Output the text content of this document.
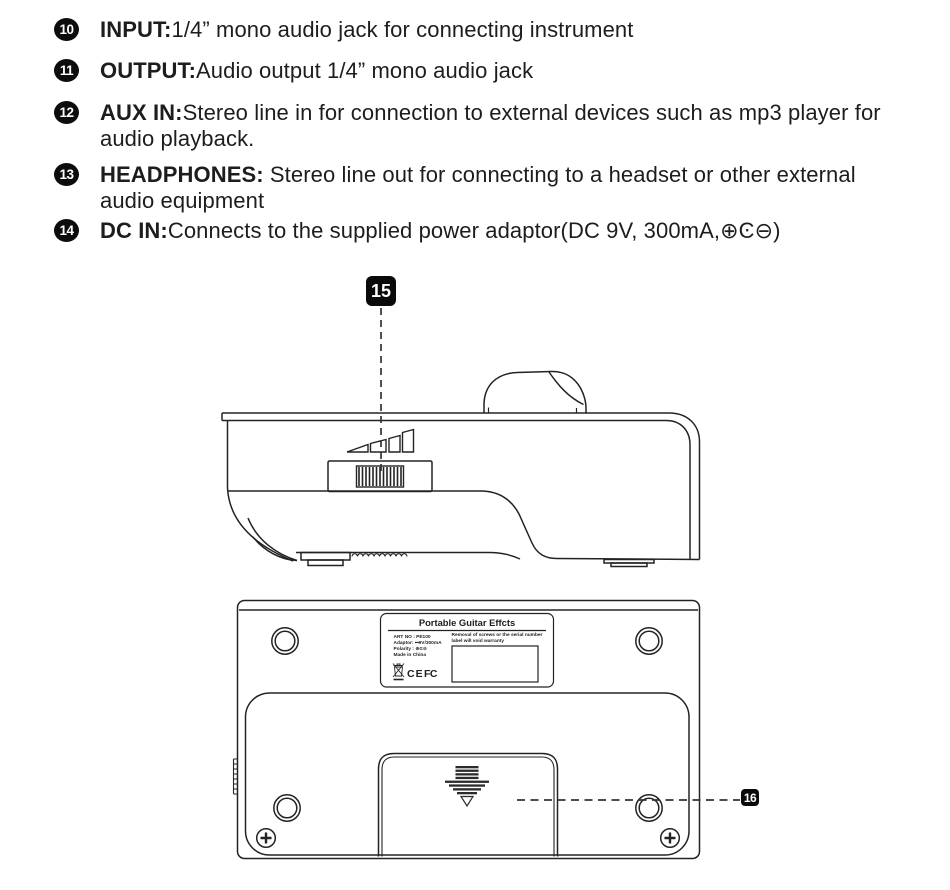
Portable Guitar Effcts
ART NO : PE100
Adaptor: ⎓9V/300mA
Polarity : ⊕Ͼ⊖
Made in China
Removal of screws or the serial number
label will void warranty
CE FC
10 INPUT:1/4” mono audio jack for connecting instrument
11 OUTPUT:Audio output 1/4” mono audio jack
12 AUX IN:Stereo line in for connection to external devices such as mp3 player for audio playback.
13 HEADPHONES: Stereo line out for connecting to a headset or other external audio equipment
14 DC IN:Connects to the supplied power adaptor(DC 9V, 300mA,⊕Ͼ⊖)
15
16
